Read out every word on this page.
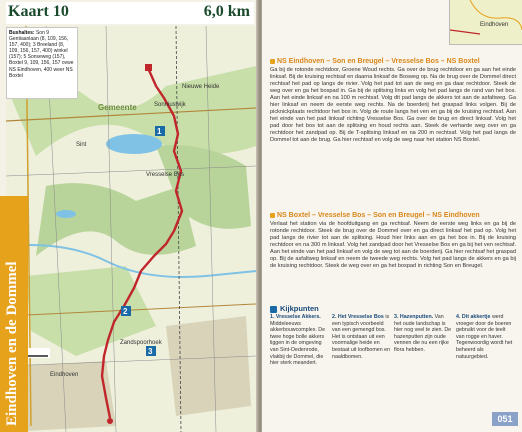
Gemeente	Sonniuswijk
Nieuwe Heide
Vresselse Bos
Sint
Zandspoorhoek
Eindhoven
1
2
3
Kaart 10	6,0 km
Bushaltes: Son 9 Gentiaanlaan (8, 109, 156, 157, 400); 3 Breeland (8, 109, 156, 157, 400) winkel (157); 5 Sonseweg (157), Boxtel 9, 109, 156, 157 ovwe NS Eindhoven, 400 weer NS Boxtel
Eindhoven en de Dommel
Eindhoven
NS Eindhoven – Son en Breugel – Vresselse Bos – NS Boxtel
Ga bij de rotonde rechtdoor, Groene Woud rechts. Ga over de brug rechtdoor en ga aan het einde linksaf. Bij de kruising rechtsaf en daarna linksaf de Bosweg op. Na de brug over de Dommel direct rechtsaf het pad op langs de rivier. Volg het pad tot aan de weg en ga daar rechtdoor. Steek de weg over en ga het bospad in. Ga bij de splitsing links en volg het pad langs de rand van het bos. Aan het einde linksaf en na 100 m rechtsaf. Volg dit pad langs de akkers tot aan de asfaltweg. Ga hier linksaf en neem de eerste weg rechts. Na de boerderij het graspad links volgen. Bij de picknickplaats rechtdoor het bos in. Volg de route langs het ven en ga bij de kruising rechtsaf. Aan het einde van het pad linksaf richting Vresselse Bos. Ga over de brug en direct linksaf. Volg het pad door het bos tot aan de splitsing en houd rechts aan. Steek de verharde weg over en ga rechtdoor het zandpad op. Bij de T-splitsing linksaf en na 200 m rechtsaf. Volg het pad langs de Dommel tot aan de brug. Ga hier rechtsaf en volg de weg naar het station NS Boxtel.
NS Boxtel – Vresselse Bos – Son en Breugel – NS Eindhoven
Verlaat het station via de hoofduitgang en ga rechtsaf. Neem de eerste weg links en ga bij de rotonde rechtdoor. Steek de brug over de Dommel over en ga direct linksaf het pad op. Volg het pad langs de rivier tot aan de splitsing. Houd hier links aan en ga het bos in. Bij de kruising rechtdoor en na 300 m linksaf. Volg het zandpad door het Vresselse Bos en ga bij het ven rechtsaf. Aan het einde van het pad linksaf en volg de weg tot aan de boerderij. Ga hier rechtsaf het graspad op. Bij de asfaltweg linksaf en neem de tweede weg rechts. Volg het pad langs de akkers en ga bij de kruising rechtdoor. Steek de weg over en ga het bospad in richting Son en Breugel.
Kijkpunten
1. Vresselse Akkers. Middeleeuws akkerbouwcomplex. De twee hoge bolle akkers liggen in de omgeving van Sint-Oedenrode, vlakbij de Dommel, die hier sterk meandert.
2. Het Vresselse Bos is een typisch voorbeeld van een gemengd bos. Het is ontstaan uit een voormalige heide en bestaat uit loofbomen en naaldbomen.
3. Hazenputten. Van het oude landschap is hier nog veel te zien. De hazenputten zijn oude vennen die nu een rijke flora hebben.
4. Dit akkertje werd vroeger door de boeren gebruikt voor de teelt van rogge en haver. Tegenwoordig wordt het beheerd als natuurgebied.
051
